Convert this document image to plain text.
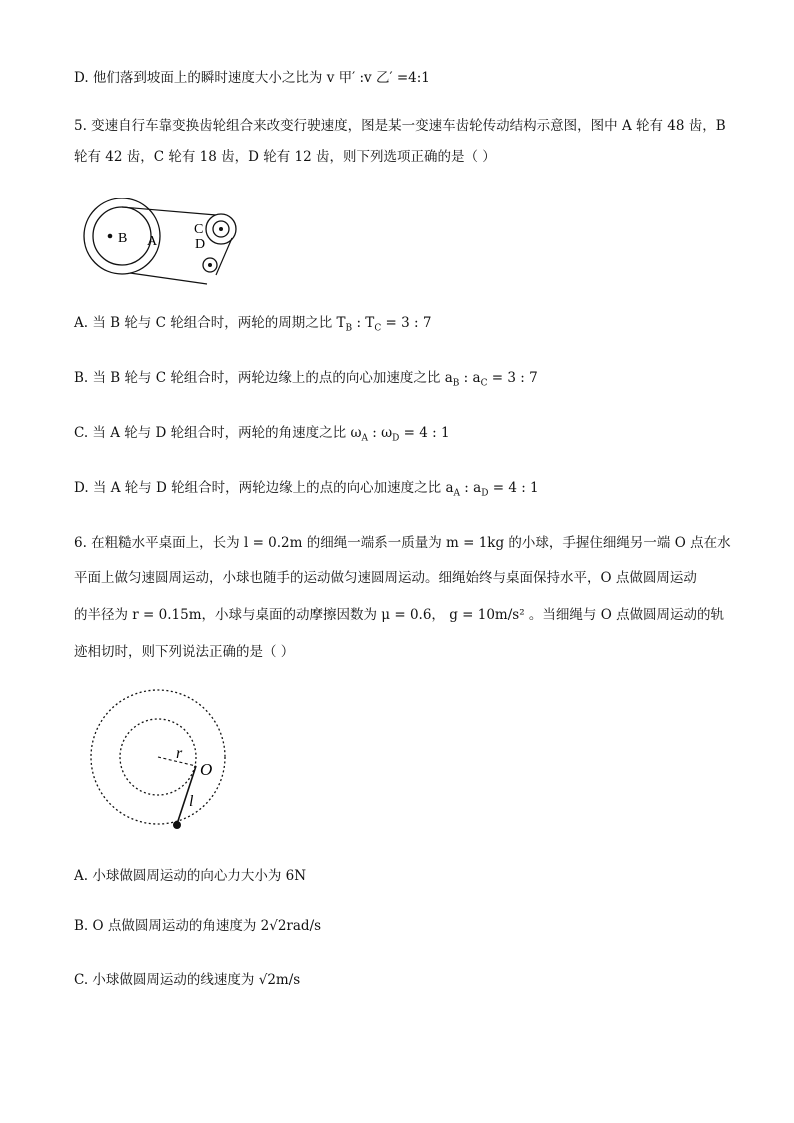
D. 他们落到坡面上的瞬时速度大小之比为 v 甲′ :v 乙′ =4:1
5. 变速自行车靠变换齿轮组合来改变行驶速度，图是某一变速车齿轮传动结构示意图，图中 A 轮有 48 齿，B
轮有 42 齿，C 轮有 18 齿，D 轮有 12 齿，则下列选项正确的是（ ）
B A
C
D
A. 当 B 轮与 C 轮组合时，两轮的周期之比 $T_B$ : $T_C = 3$ : 7
B. 当 B 轮与 C 轮组合时，两轮边缘上的点的向心加速度之比 $a_B$ : $a_C = 3$ : 7
C. 当 A 轮与 D 轮组合时，两轮的角速度之比 $\omega_A$ : $\omega_D = 4$ : 1
D. 当 A 轮与 D 轮组合时，两轮边缘上的点的向心加速度之比 $a_A$ : $a_D = 4$ : 1
6. 在粗糙水平桌面上，长为 l = 0.2m 的细绳一端系一质量为 m = 1kg 的小球，手握住细绳另一端 O 点在水
平面上做匀速圆周运动，小球也随手的运动做匀速圆周运动。细绳始终与桌面保持水平，O 点做圆周运动
的半径为 r = 0.15m，小球与桌面的动摩擦因数为 μ = 0.6， g = 10m/s² 。当细绳与 O 点做圆周运动的轨
迹相切时，则下列说法正确的是（ ）
r
O
l
A. 小球做圆周运动的向心力大小为 6N
B. O 点做圆周运动的角速度为 2√2rad/s
C. 小球做圆周运动的线速度为 √2m/s
